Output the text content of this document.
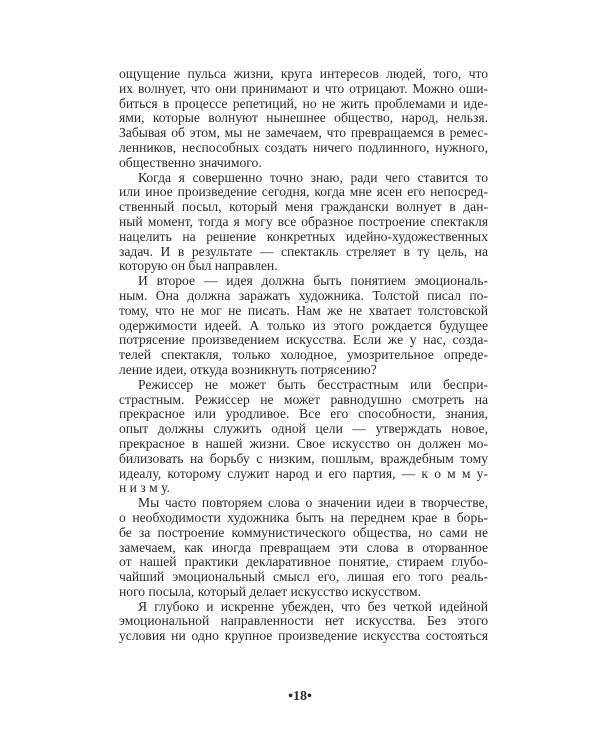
ощущение пульса жизни, круга интересов людей, того, что
их волнует, что они принимают и что отрицают. Можно оши-
биться в процессе репетиций, но не жить проблемами и иде-
ями, которые волнуют нынешнее общество, народ, нельзя.
Забывая об этом, мы не замечаем, что превращаемся в ремес-
ленников, неспособных создать ничего подлинного, нужного,
общественно значимого.
Когда я совершенно точно знаю, ради чего ставится то
или иное произведение сегодня, когда мне ясен его непосред-
ственный посыл, который меня граждански волнует в дан-
ный момент, тогда я могу все образное построение спектакля
нацелить на решение конкретных идейно-художественных
задач. И в результате — спектакль стреляет в ту цель, на
которую он был направлен.
И второе — идея должна быть понятием эмоциональ-
ным. Она должна заражать художника. Толстой писал по-
тому, что не мог не писать. Нам же не хватает толстовской
одержимости идеей. А только из этого рождается будущее
потрясение произведением искусства. Если же у нас, созда-
телей спектакля, только холодное, умозрительное опреде-
ление идеи, откуда возникнуть потрясению?
Режиссер не может быть бесстрастным или беспри-
страстным. Режиссер не может равнодушно смотреть на
прекрасное или уродливое. Все его способности, знания,
опыт должны служить одной цели — утверждать новое,
прекрасное в нашей жизни. Свое искусство он должен мо-
билизовать на борьбу с низким, пошлым, враждебным тому
идеалу, которому служит народ и его партия, — к о м м у-
н и з м у.
Мы часто повторяем слова о значении идеи в творчестве,
о необходимости художника быть на переднем крае в борь-
бе за построение коммунистического общества, но сами не
замечаем, как иногда превращаем эти слова в оторванное
от нашей практики декларативное понятие, стираем глубо-
чайший эмоциональный смысл его, лишая его того реаль-
ного посыла, который делает искусство искусством.
Я глубоко и искренне убежден, что без четкой идейной
эмоциональной направленности нет искусства. Без этого
условия ни одно крупное произведение искусства состояться
•18•
